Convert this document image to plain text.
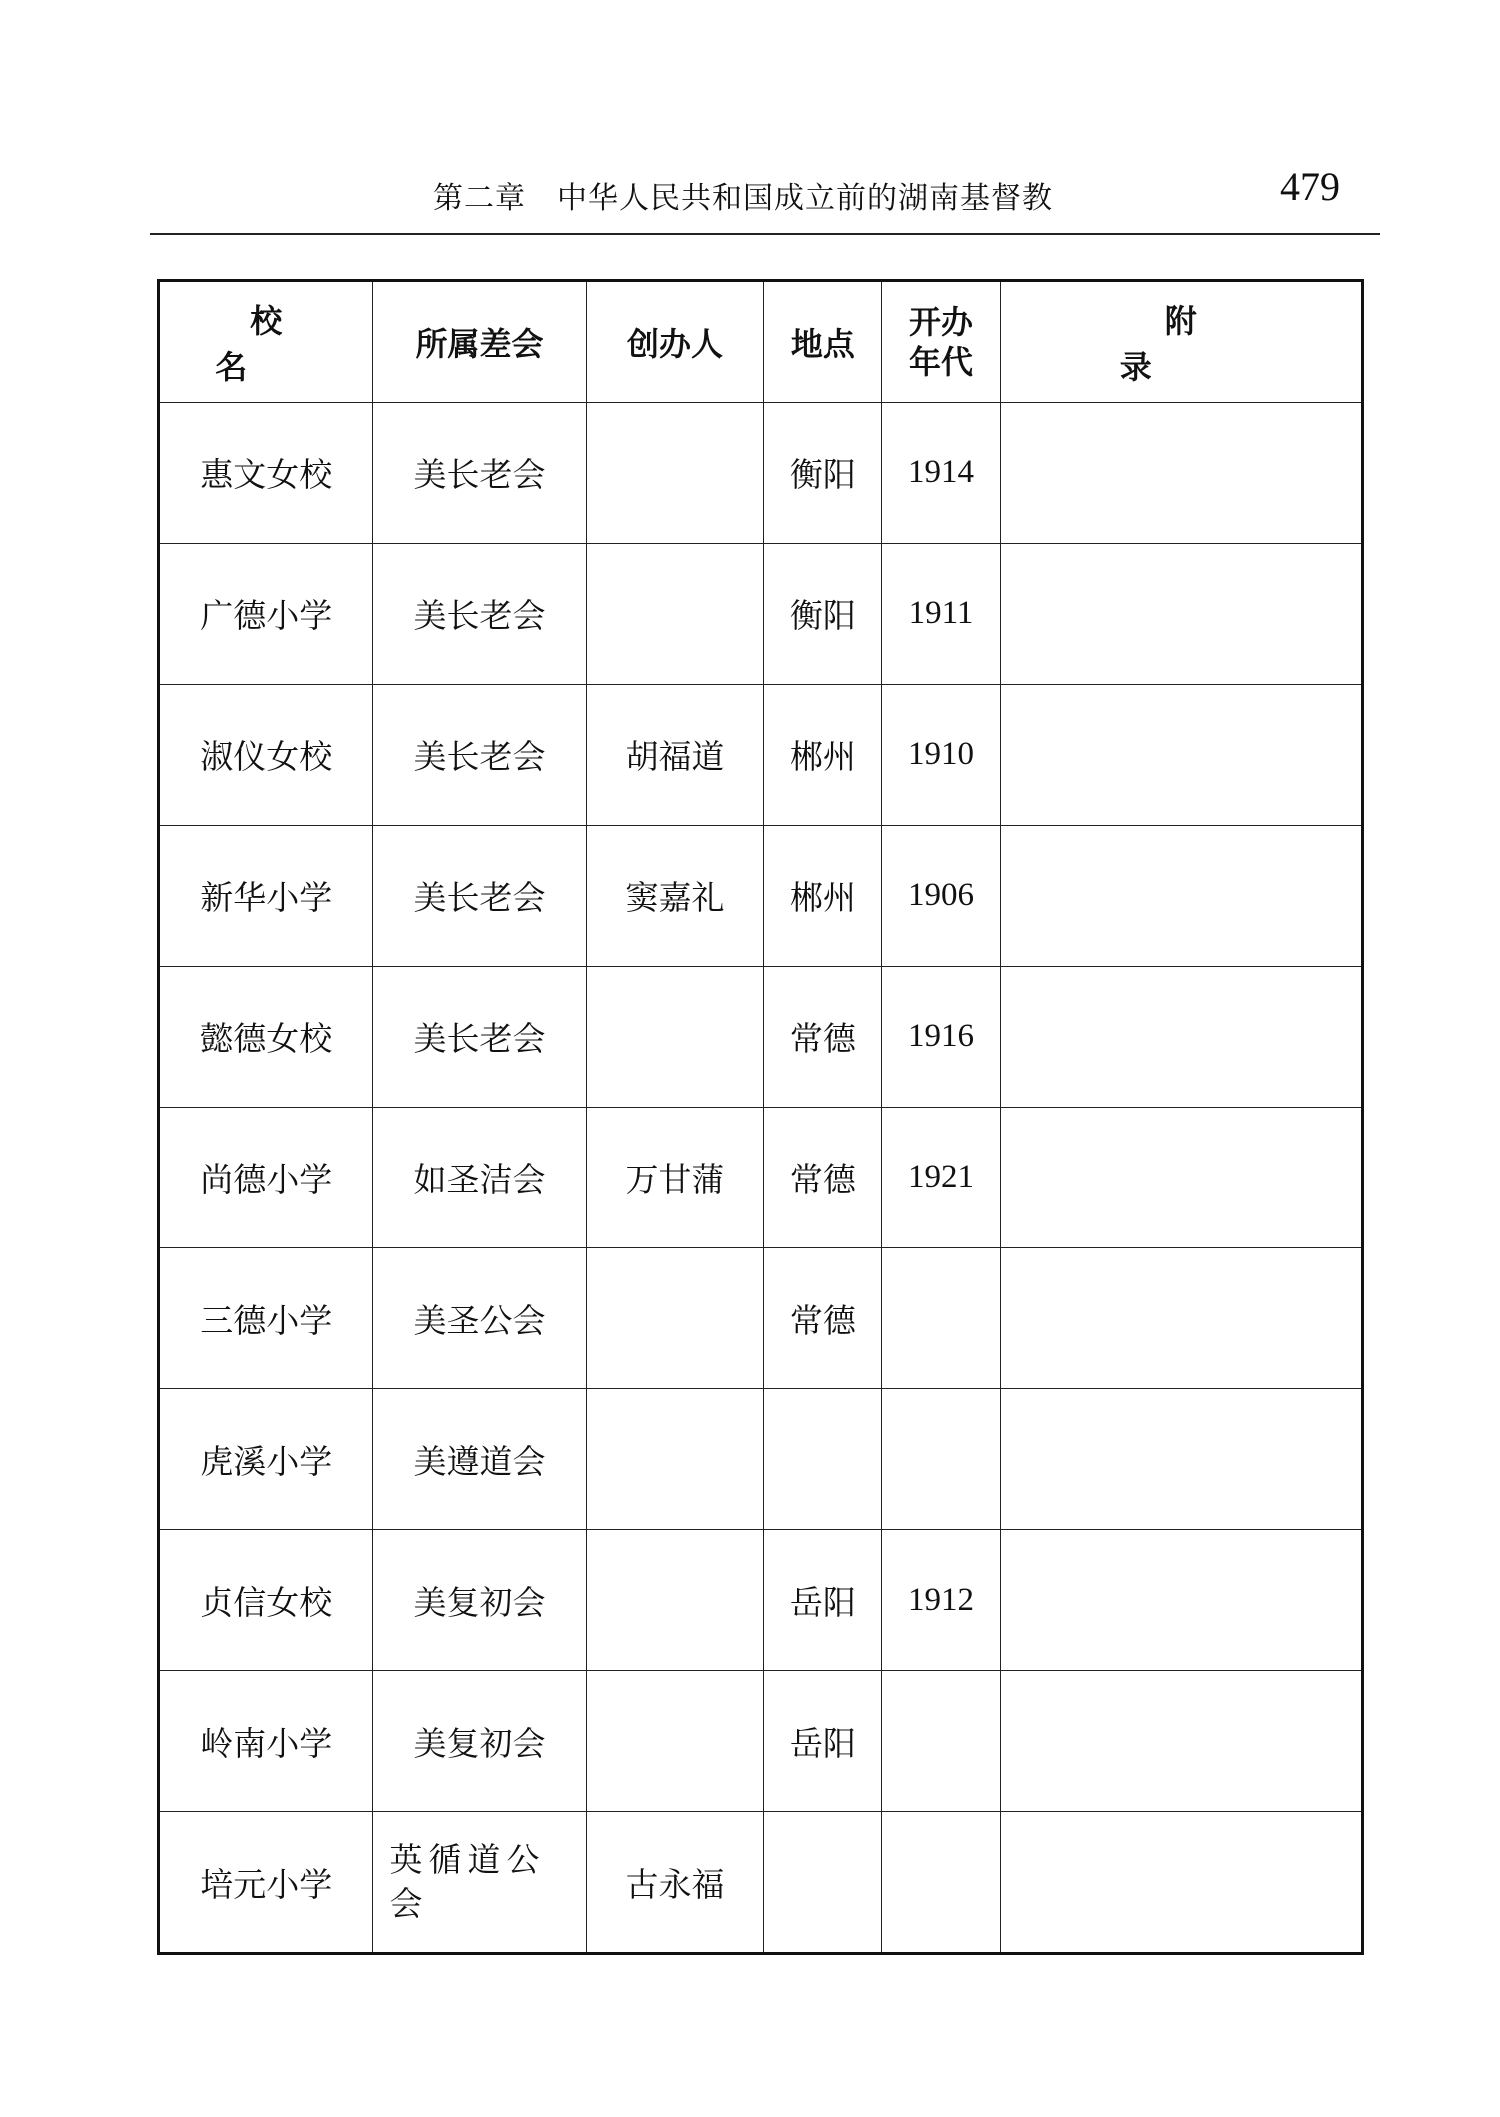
第二章　中华人民共和国成立前的湖南基督教	479
校　名	所属差会	创办人	地点	开办年代	附　录
惠文女校	美长老会		衡阳	1914	
广德小学	美长老会		衡阳	1911	
淑仪女校	美长老会	胡福道	郴州	1910	
新华小学	美长老会	窦嘉礼	郴州	1906	
懿德女校	美长老会		常德	1916	
尚德小学	如圣洁会	万甘蒲	常德	1921	
三德小学	美圣公会		常德		
虎溪小学	美遵道会				
贞信女校	美复初会		岳阳	1912	
岭南小学	美复初会		岳阳		
培元小学	英循道公会	古永福			
